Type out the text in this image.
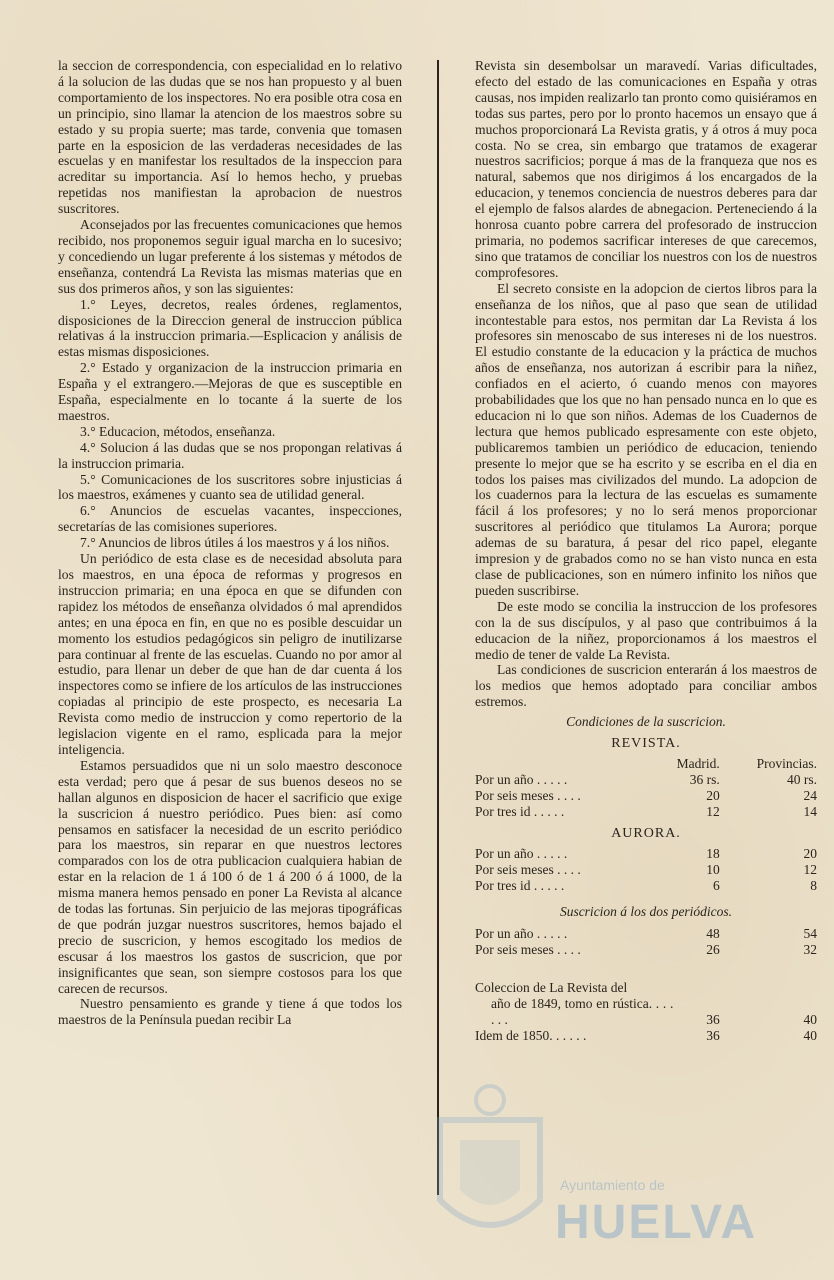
la seccion de correspondencia, con especialidad en lo relativo á la solucion de las dudas que se nos han propuesto y al buen comportamiento de los inspectores. No era posible otra cosa en un principio, sino llamar la atencion de los maestros sobre su estado y su propia suerte; mas tarde, convenia que tomasen parte en la esposicion de las verdaderas necesidades de las escuelas y en manifestar los resultados de la inspeccion para acreditar su importancia. Así lo hemos hecho, y pruebas repetidas nos manifiestan la aprobacion de nuestros suscritores.

Aconsejados por las frecuentes comunicaciones que hemos recibido, nos proponemos seguir igual marcha en lo sucesivo; y concediendo un lugar preferente á los sistemas y métodos de enseñanza, contendrá La Revista las mismas materias que en sus dos primeros años, y son las siguientes:

1.° Leyes, decretos, reales órdenes, reglamentos, disposiciones de la Direccion general de instruccion pública relativas á la instruccion primaria.—Esplicacion y análisis de estas mismas disposiciones.

2.° Estado y organizacion de la instruccion primaria en España y el extrangero.—Mejoras de que es susceptible en España, especialmente en lo tocante á la suerte de los maestros.

3.° Educacion, métodos, enseñanza.

4.° Solucion á las dudas que se nos propongan relativas á la instruccion primaria.

5.° Comunicaciones de los suscritores sobre injusticias á los maestros, exámenes y cuanto sea de utilidad general.

6.° Anuncios de escuelas vacantes, inspecciones, secretarías de las comisiones superiores.

7.° Anuncios de libros útiles á los maestros y á los niños.

Un periódico de esta clase es de necesidad absoluta para los maestros, en una época de reformas y progresos en instruccion primaria; en una época en que se difunden con rapidez los métodos de enseñanza olvidados ó mal aprendidos antes; en una época en fin, en que no es posible descuidar un momento los estudios pedagógicos sin peligro de inutilizarse para continuar al frente de las escuelas. Cuando no por amor al estudio, para llenar un deber de que han de dar cuenta á los inspectores como se infiere de los artículos de las instrucciones copiadas al principio de este prospecto, es necesaria La Revista como medio de instruccion y como repertorio de la legislacion vigente en el ramo, esplicada para la mejor inteligencia.

Estamos persuadidos que ni un solo maestro desconoce esta verdad; pero que á pesar de sus buenos deseos no se hallan algunos en disposicion de hacer el sacrificio que exige la suscricion á nuestro periódico. Pues bien: así como pensamos en satisfacer la necesidad de un escrito periódico para los maestros, sin reparar en que nuestros lectores comparados con los de otra publicacion cualquiera habian de estar en la relacion de 1 á 100 ó de 1 á 200 ó á 1000, de la misma manera hemos pensado en poner La Revista al alcance de todas las fortunas. Sin perjuicio de las mejoras tipográficas de que podrán juzgar nuestros suscritores, hemos bajado el precio de suscricion, y hemos escogitado los medios de escusar á los maestros los gastos de suscricion, que por insignificantes que sean, son siempre costosos para los que carecen de recursos.

Nuestro pensamiento es grande y tiene á que todos los maestros de la Península puedan recibir La

Revista sin desembolsar un maravedí. Varias dificultades, efecto del estado de las comunicaciones en España y otras causas, nos impiden realizarlo tan pronto como quisiéramos en todas sus partes, pero por lo pronto hacemos un ensayo que á muchos proporcionará La Revista gratis, y á otros á muy poca costa. No se crea, sin embargo que tratamos de exagerar nuestros sacrificios; porque á mas de la franqueza que nos es natural, sabemos que nos dirigimos á los encargados de la educacion, y tenemos conciencia de nuestros deberes para dar el ejemplo de falsos alardes de abnegacion. Perteneciendo á la honrosa cuanto pobre carrera del profesorado de instruccion primaria, no podemos sacrificar intereses de que carecemos, sino que tratamos de conciliar los nuestros con los de nuestros comprofesores.

El secreto consiste en la adopcion de ciertos libros para la enseñanza de los niños, que al paso que sean de utilidad incontestable para estos, nos permitan dar La Revista á los profesores sin menoscabo de sus intereses ni de los nuestros. El estudio constante de la educacion y la práctica de muchos años de enseñanza, nos autorizan á escribir para la niñez, confiados en el acierto, ó cuando menos con mayores probabilidades que los que no han pensado nunca en lo que es educacion ni lo que son niños. Ademas de los Cuadernos de lectura que hemos publicado espresamente con este objeto, publicaremos tambien un periódico de educacion, teniendo presente lo mejor que se ha escrito y se escriba en el dia en todos los paises mas civilizados del mundo. La adopcion de los cuadernos para la lectura de las escuelas es sumamente fácil á los profesores; y no lo será menos proporcionar suscritores al periódico que titulamos La Aurora; porque ademas de su baratura, á pesar del rico papel, elegante impresion y de grabados como no se han visto nunca en esta clase de publicaciones, son en número infinito los niños que pueden suscribirse.

De este modo se concilia la instruccion de los profesores con la de sus discípulos, y al paso que contribuimos á la educacion de la niñez, proporcionamos á los maestros el medio de tener de valde La Revista.

Las condiciones de suscricion enterarán á los maestros de los medios que hemos adoptado para conciliar ambos estremos.

Condiciones de la suscricion.
REVISTA.
	Madrid.	Provincias.
Por un año . . . . .	36 rs.	40 rs.
Por seis meses . . . .	20	24
Por tres id . . . . .	12	14
AURORA.
Por un año . . . . .	18	20
Por seis meses . . . .	10	12
Por tres id . . . . .	6	8
Suscricion á los dos periódicos.
Por un año . . . . .	48	54
Por seis meses . . . .	26	32
Coleccion de La Revista del		
año de 1849, tomo en rústica. . . . . . .	36	40
Idem de 1850. . . . . .	36	40
Ayuntamiento de
HUELVA
